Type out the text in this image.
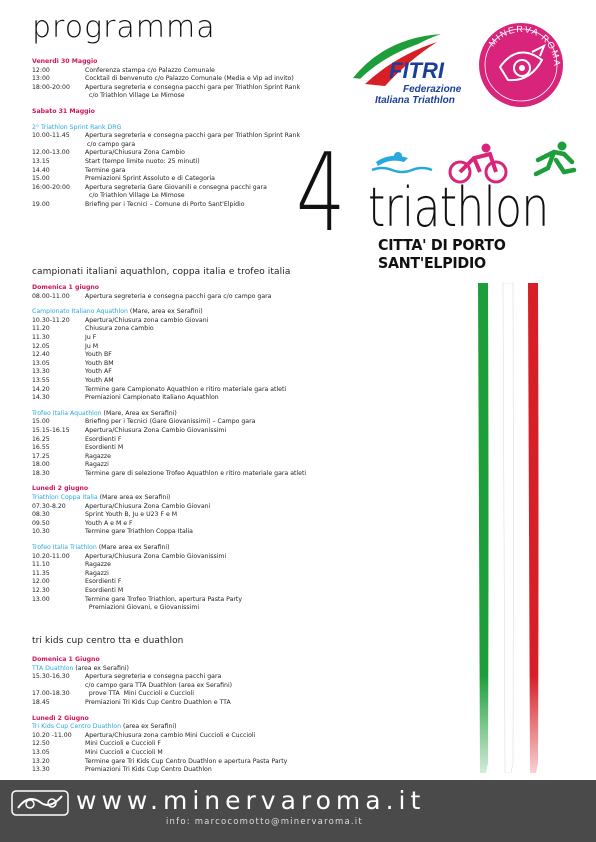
programma
Venerdì 30 Maggio
12:00	Conferenza stampa c/o Palazzo Comunale
13:00	Cocktail di benvenuto c/o Palazzo Comunale (Media e Vip ad invito)
18:00-20:00	Apertura segreteria e consegna pacchi gara per Triathlon Sprint Rank
c/o Triathlon Village Le Mimose
Sabato 31 Maggio
2° Triathlon Sprint Rank DRG
10.00-11.45	Apertura segreteria e consegna pacchi gara per Triathlon Sprint Rank
c/o campo gara
12.00-13.00	Apertura/Chiusura Zona Cambio
13.15	Start (tempo limite nuoto: 25 minuti)
14.40	Termine gara
15.00	Premiazioni Sprint Assoluto e di Categoria
16:00-20:00	Apertura segreteria Gare Giovanili e consegna pacchi gara
c/o Triathlon Village Le Mimose
19.00	Briefing per i Tecnici – Comune di Porto Sant'Elpidio
FITRI
Federazione
Italiana Triathlon
MINERVA ROMA
4 triathlon
CITTA' DI PORTO SANT'ELPIDIO
campionati italiani aquathlon, coppa italia e trofeo italia
Domenica 1 giugno
08.00-11.00	Apertura segreteria e consegna pacchi gara c/o campo gara
Campionato Italiano Aquathlon (Mare, area ex Serafini)
10.30-11.20	Apertura/Chiusura zona cambio Giovani
11.20	Chiusura zona cambio
11.30	Ju F
12.05	Ju M
12.40	Youth BF
13.05	Youth BM
13.30	Youth AF
13.55	Youth AM
14.20	Termine gare Campionato Aquathlon e ritiro materiale gara atleti
14.30	Premiazioni Campionato Italiano Aquathlon
Trofeo Italia Aquathlon (Mare, Area ex Serafini)
15.00	Briefing per i Tecnici (Gare Giovanissimi) – Campo gara
15.15-16.15	Apertura/Chiusura Zona Cambio Giovanissimi
16.25	Esordienti F
16.55	Esordienti M
17.25	Ragazze
18.00	Ragazzi
18.30	Termine gare di selezione Trofeo Aquathlon e ritiro materiale gara atleti
Lunedì 2 giugno
Triathlon Coppa Italia (Mare area ex Serafini)
07.30-8.20	Apertura/Chiusura Zona Cambio Giovani
08.30	Sprint Youth B, Ju e U23 F e M
09.50	Youth A e M e F
10.30	Termine gare Triathlon Coppa Italia
Trofeo Italia Triathlon (Mare area ex Serafini)
10.20-11.00	Apertura/Chiusura Zona Cambio Giovanissimi
11.10	Ragazze
11.35	Ragazzi
12.00	Esordienti F
12.30	Esordienti M
13.00	Termine gare Trofeo Triathlon, apertura Pasta Party
Premiazioni Giovani, e Giovanissimi
tri kids cup centro tta e duathlon
Domenica 1 Giugno
TTA Duathlon (area ex Serafini)
15.30-16.30	Apertura segreteria e consegna pacchi gara
c/o campo gara TTA Duathlon (area ex Serafini)
17.00-18.30	prove TTA  Mini Cuccioli e Cuccioli
18.45	Premiazioni Tri Kids Cup Centro Duathlon e TTA
Lunedì 2 Giugno
Tri Kids Cup Centro Duathlon (area ex Serafini)
10.20 -11.00	Apertura/Chiusura zona cambio Mini Cuccioli e Cuccioli
12.50	Mini Cuccioli e Cuccioli F
13.05	Mini Cuccioli e Cuccioli M
13.20	Termine gare Tri Kids Cup Centro Duathlon e apertura Pasta Party
13.30	Premiazioni Tri Kids Cup Centro Duathlon
www.minervaroma.it
info: marcocomotto@minervaroma.it
